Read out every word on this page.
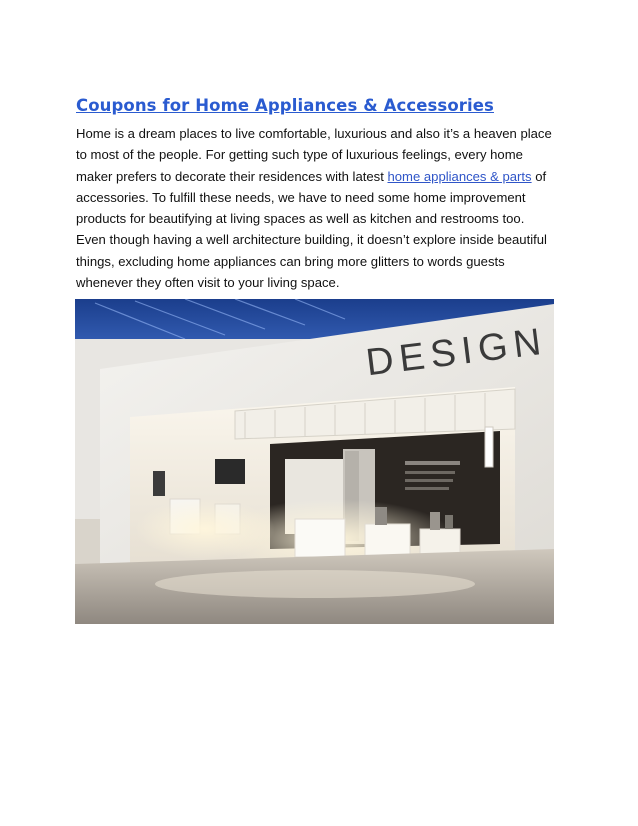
Coupons for Home Appliances & Accessories
Home is a dream places to live comfortable, luxurious and also it’s a heaven place
to most of the people. For getting such type of luxurious feelings, every home
maker prefers to decorate their residences with latest home appliances & parts of
accessories. To fulfill these needs, we have to need some home improvement
products for beautifying at living spaces as well as kitchen and restrooms too.
Even though having a well architecture building, it doesn’t explore inside beautiful
things, excluding home appliances can bring more glitters to words guests
whenever they often visit to your living space.
DESIGN
